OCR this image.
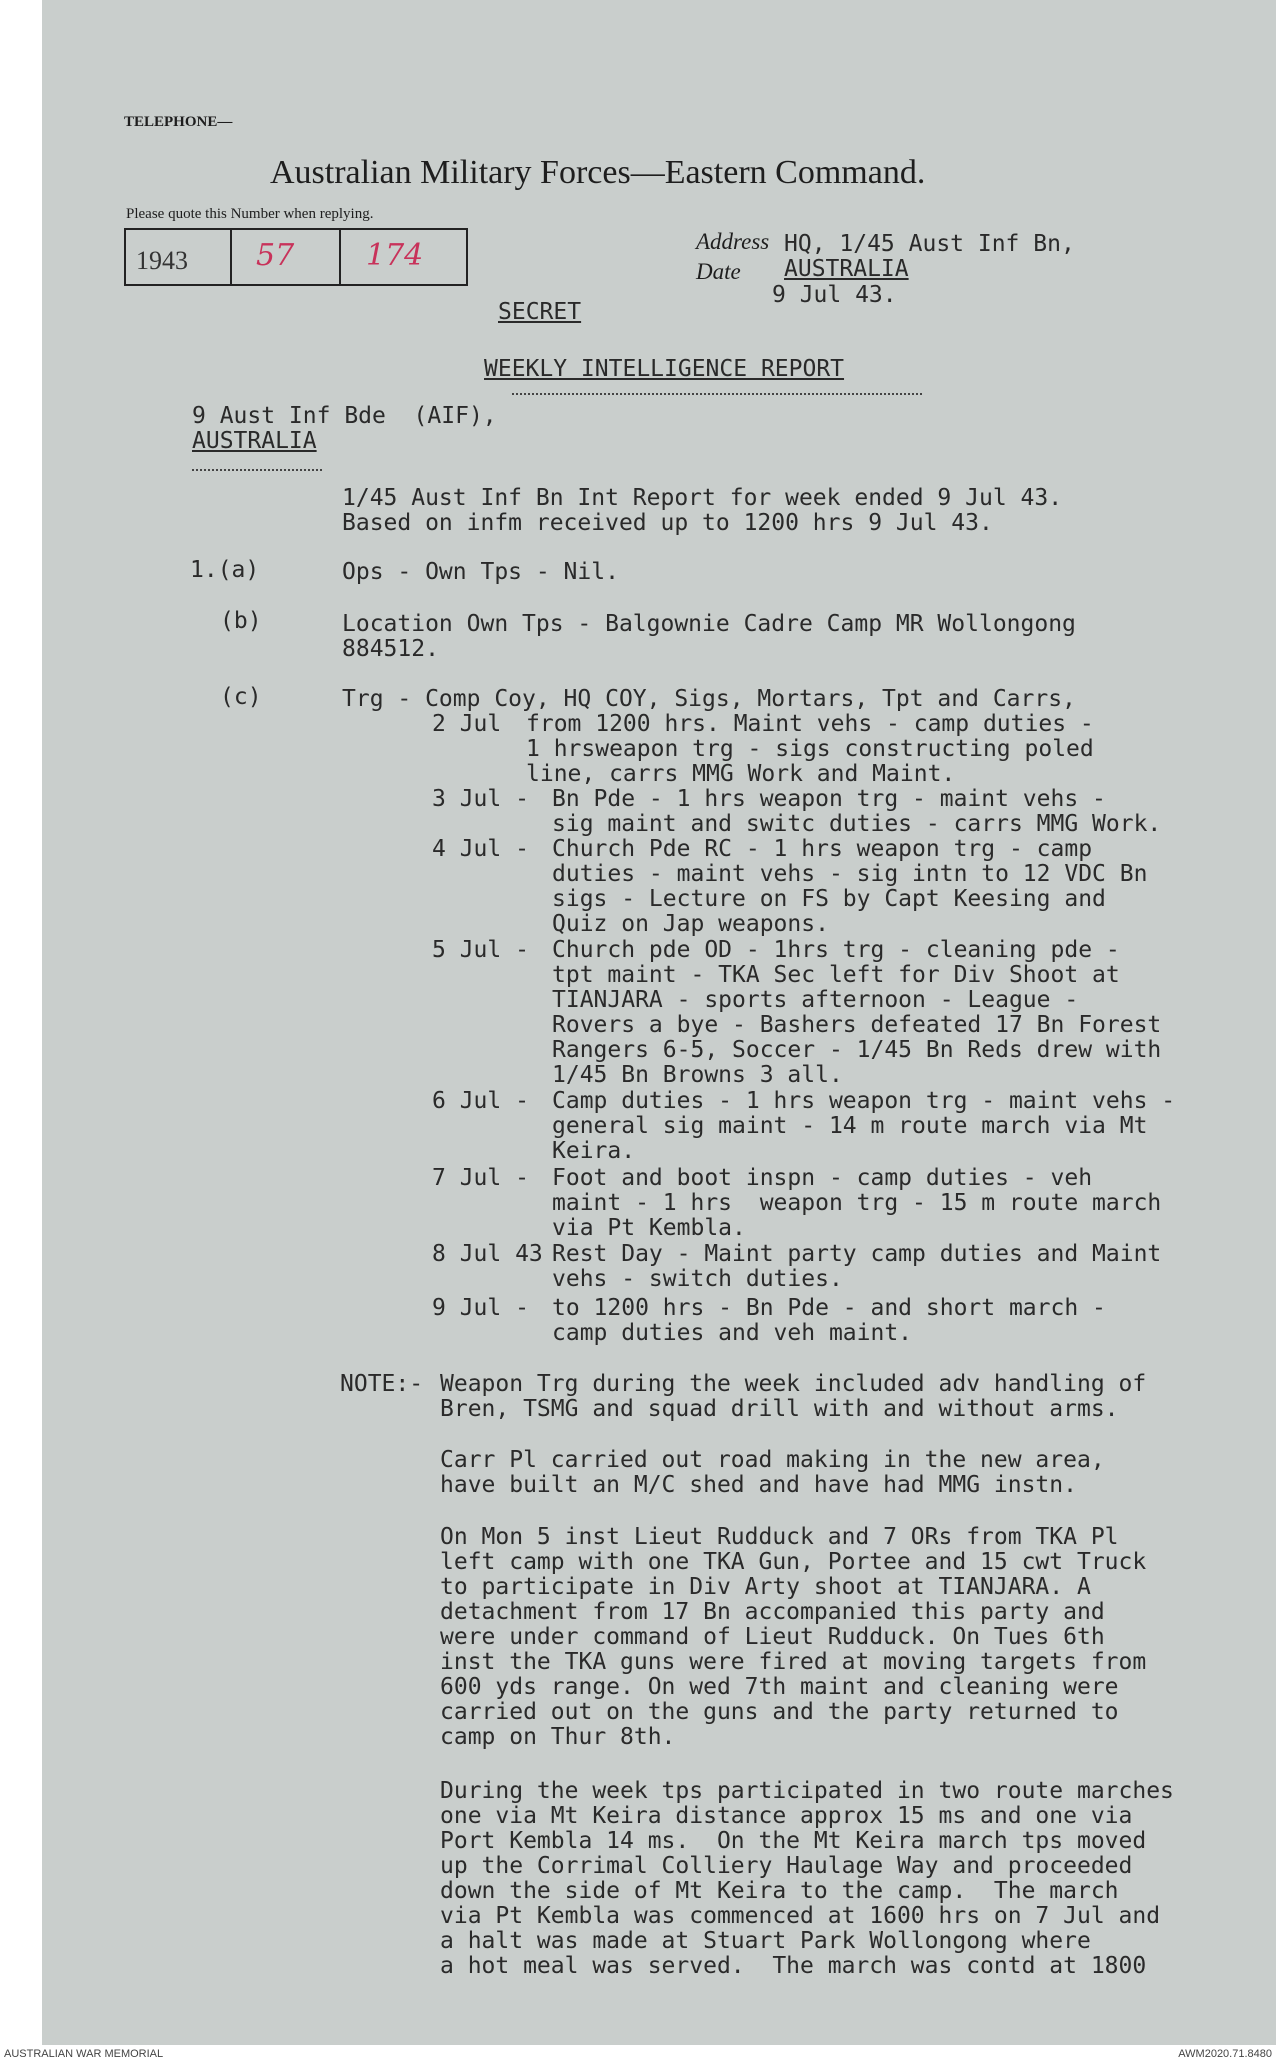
TELEPHONE—
Australian Military Forces—Eastern Command.
Please quote this Number when replying.
1943 57 174	Address
Date
HQ, 1/45 Aust Inf Bn,
AUSTRALIA
9 Jul 43.
SECRET
WEEKLY INTELLIGENCE REPORT
9 Aust Inf Bde  (AIF),
AUSTRALIA
1/45 Aust Inf Bn Int Report for week ended 9 Jul 43.
Based on infm received up to 1200 hrs 9 Jul 43.
1.(a)	Ops - Own Tps - Nil.
(b)	Location Own Tps - Balgownie Cadre Camp MR Wollongong
884512.
(c)	Trg - Comp Coy, HQ COY, Sigs, Mortars, Tpt and Carrs,
2 Jul from 1200 hrs. Maint vehs - camp duties -
1 hrsweapon trg - sigs constructing poled
line, carrs MMG Work and Maint.
3 Jul - Bn Pde - 1 hrs weapon trg - maint vehs -
sig maint and switc duties - carrs MMG Work.
4 Jul - Church Pde RC - 1 hrs weapon trg - camp
duties - maint vehs - sig intn to 12 VDC Bn
sigs - Lecture on FS by Capt Keesing and
Quiz on Jap weapons.
5 Jul - Church pde OD - 1hrs trg - cleaning pde -
tpt maint - TKA Sec left for Div Shoot at
TIANJARA - sports afternoon - League -
Rovers a bye - Bashers defeated 17 Bn Forest
Rangers 6-5, Soccer - 1/45 Bn Reds drew with
1/45 Bn Browns 3 all.
6 Jul - Camp duties - 1 hrs weapon trg - maint vehs -
general sig maint - 14 m route march via Mt
Keira.
7 Jul - Foot and boot inspn - camp duties - veh
maint - 1 hrs  weapon trg - 15 m route march
via Pt Kembla.
8 Jul 43 Rest Day - Maint party camp duties and Maint
vehs - switch duties.
9 Jul - to 1200 hrs - Bn Pde - and short march -
camp duties and veh maint.
NOTE:- Weapon Trg during the week included adv handling of
Bren, TSMG and squad drill with and without arms.
Carr Pl carried out road making in the new area,
have built an M/C shed and have had MMG instn.
On Mon 5 inst Lieut Rudduck and 7 ORs from TKA Pl
left camp with one TKA Gun, Portee and 15 cwt Truck
to participate in Div Arty shoot at TIANJARA. A
detachment from 17 Bn accompanied this party and
were under command of Lieut Rudduck. On Tues 6th
inst the TKA guns were fired at moving targets from
600 yds range. On wed 7th maint and cleaning were
carried out on the guns and the party returned to
camp on Thur 8th.
During the week tps participated in two route marches
one via Mt Keira distance approx 15 ms and one via
Port Kembla 14 ms.  On the Mt Keira march tps moved
up the Corrimal Colliery Haulage Way and proceeded
down the side of Mt Keira to the camp.  The march
via Pt Kembla was commenced at 1600 hrs on 7 Jul and
a halt was made at Stuart Park Wollongong where
a hot meal was served.  The march was contd at 1800
AUSTRALIAN WAR MEMORIAL	AWM2020.71.8480
